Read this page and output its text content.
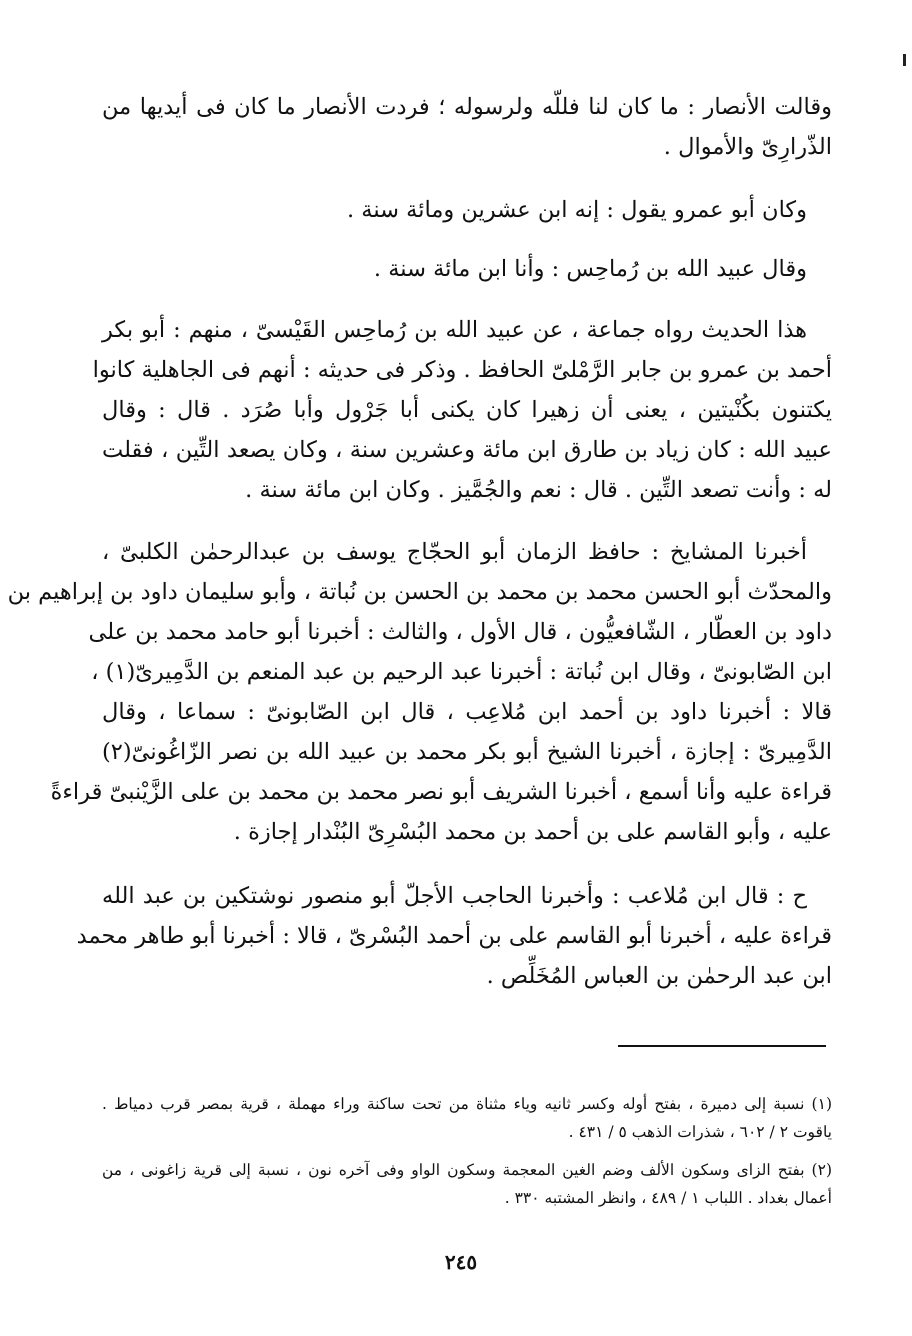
وقالت الأنصار : ما كان لنا فللّه ولرسوله ؛ فردت الأنصار ما كان فى أيديها من
الذّرارِىّ والأموال .
وكان أبو عمرو يقول : إنه ابن عشرين ومائة سنة .
وقال عبيد الله بن رُماحِس : وأنا ابن مائة سنة .
هذا الحديث رواه جماعة ، عن عبيد الله بن رُماحِس القَيْسىّ ، منهم : أبو بكر
أحمد بن عمرو بن جابر الرَّمْلىّ الحافظ . وذكر فى حديثه : أنهم فى الجاهلية كانوا
يكتنون بكُنْيتين ، يعنى أن زهيرا كان يكنى أبا جَرْول وأبا صُرَد . قال : وقال
عبيد الله : كان زياد بن طارق ابن مائة وعشرين سنة ، وكان يصعد التِّين ، فقلت
له : وأنت تصعد التِّين . قال : نعم والجُمَّيز . وكان ابن مائة سنة .
أخبرنا المشايخ : حافظ الزمان أبو الحجّاج يوسف بن عبدالرحمٰن الكلبىّ ،
والمحدّث أبو الحسن محمد بن محمد بن الحسن بن نُباتة ، وأبو سليمان داود بن إبراهيم بن
داود بن العطّار ، الشّافعيُّون ، قال الأول ، والثالث : أخبرنا أبو حامد محمد بن على
ابن الصّابونىّ ، وقال ابن نُباتة : أخبرنا عبد الرحيم بن عبد المنعم بن الدَّمِيرىّ(١) ،
قالا : أخبرنا داود بن أحمد ابن مُلاعِب ، قال ابن الصّابونىّ : سماعا ، وقال
الدَّمِيرىّ : إجازة ، أخبرنا الشيخ أبو بكر محمد بن عبيد الله بن نصر الزّاغُونىّ(٢)
قراءة عليه وأنا أسمع ، أخبرنا الشريف أبو نصر محمد بن محمد بن على الزَّيْنبىّ قراءةً
عليه ، وأبو القاسم على بن أحمد بن محمد البُسْرِىّ البُنْدار إجازة .
ح : قال ابن مُلاعب : وأخبرنا الحاجب الأجلّ أبو منصور نوشتكين بن عبد الله
قراءة عليه ، أخبرنا أبو القاسم على بن أحمد البُسْرىّ ، قالا : أخبرنا أبو طاهر محمد
ابن عبد الرحمٰن بن العباس المُخَلِّص .
(١) نسبة إلى دميرة ، بفتح أوله وكسر ثانيه وياء مثناة من تحت ساكنة وراء مهملة ، قرية بمصر قرب دمياط .
ياقوت ٢ / ٦٠٢ ، شذرات الذهب ٥ / ٤٣١ .
(٢) بفتح الزاى وسكون الألف وضم الغين المعجمة وسكون الواو وفى آخره نون ، نسبة إلى قرية زاغونى ، من
أعمال بغداد . اللباب ١ / ٤٨٩ ، وانظر المشتبه ٣٣٠ .
٢٤٥
